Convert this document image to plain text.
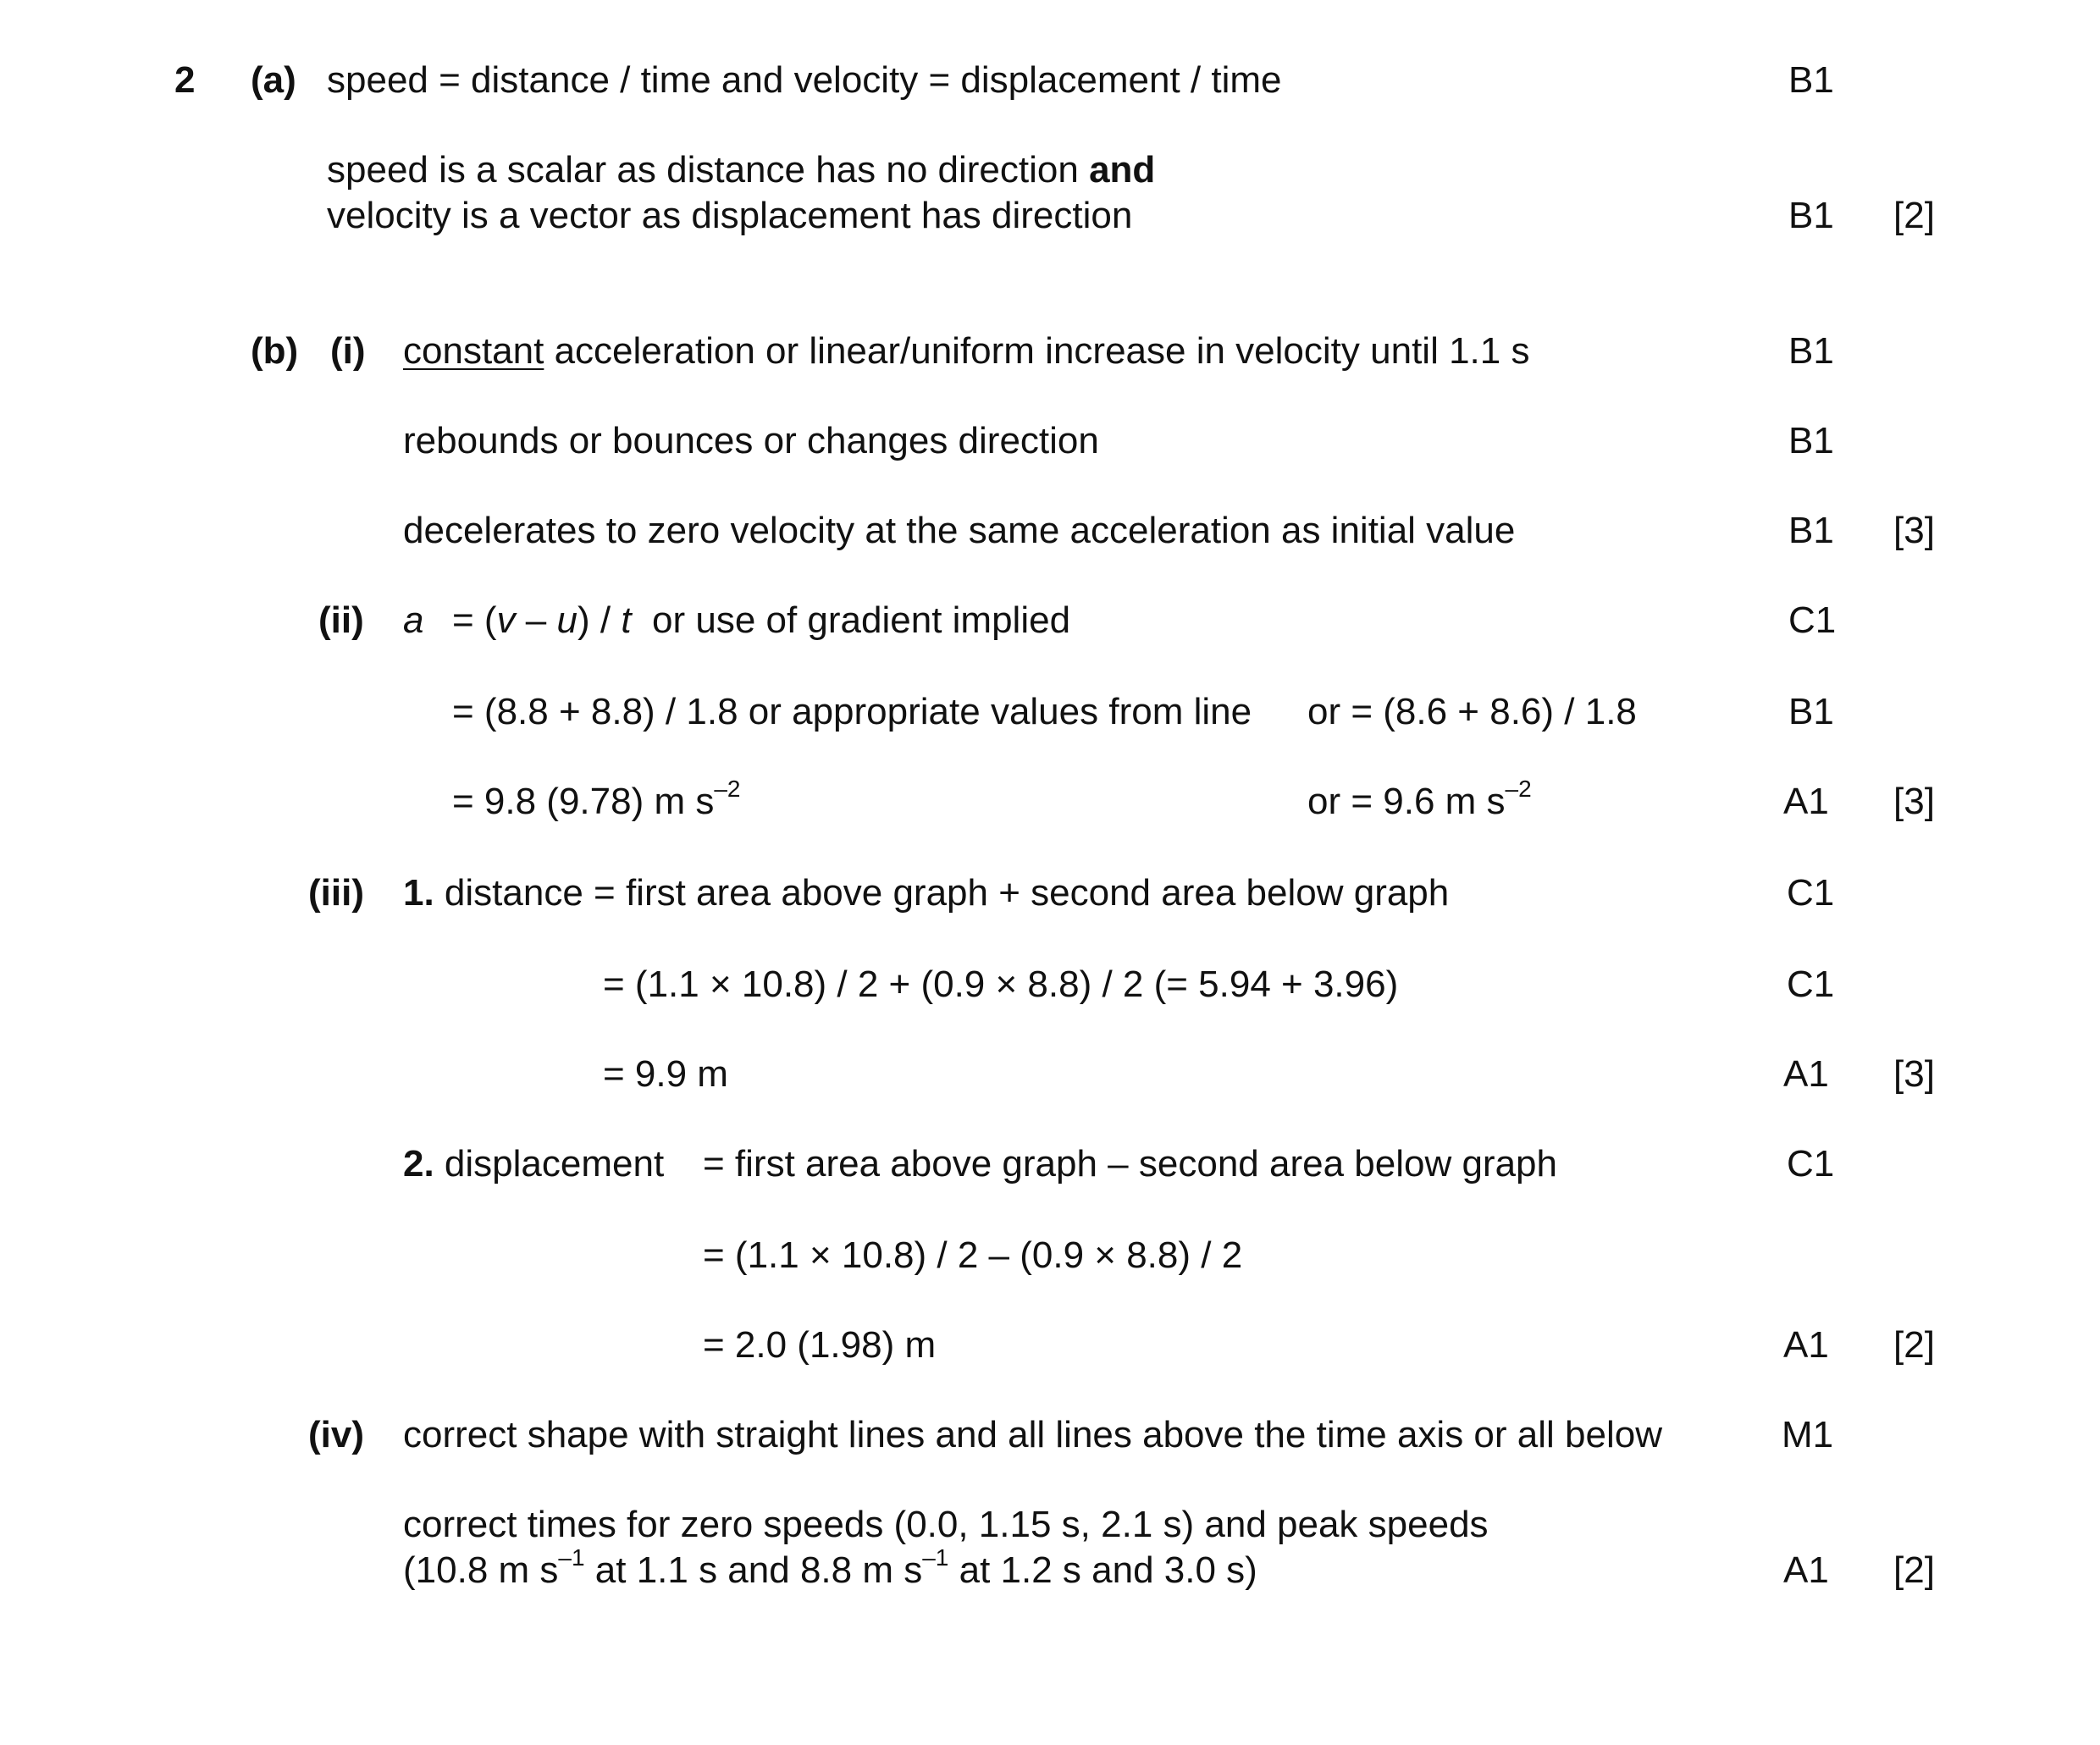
2 (a) speed = distance / time and velocity = displacement / time	B1
speed is a scalar as distance has no direction and
velocity is a vector as displacement has direction	B1 [2]
(b) (i) constant acceleration or linear/uniform increase in velocity until 1.1 s	B1
rebounds or bounces or changes direction	B1
decelerates to zero velocity at the same acceleration as initial value	B1 [3]
(ii) a = (v – u) / t  or use of gradient implied	C1
= (8.8 + 8.8) / 1.8 or appropriate values from line or = (8.6 + 8.6) / 1.8	B1
= 9.8 (9.78) m $s^{-2}$	or = 9.6 m $s^{-2}$	A1 [3]
(iii) 1. distance = first area above graph + second area below graph	C1
= (1.1 × 10.8) / 2 + (0.9 × 8.8) / 2 (= 5.94 + 3.96)	C1
= 9.9 m	A1 [3]
2. displacement = first area above graph – second area below graph	C1
= (1.1 × 10.8) / 2 – (0.9 × 8.8) / 2
= 2.0 (1.98) m	A1 [2]
(iv) correct shape with straight lines and all lines above the time axis or all below	M1
correct times for zero speeds (0.0, 1.15 s, 2.1 s) and peak speeds
(10.8 m $s^{-1}$ at 1.1 s and 8.8 m $s^{-1}$ at 1.2 s and 3.0 s)	A1 [2]
